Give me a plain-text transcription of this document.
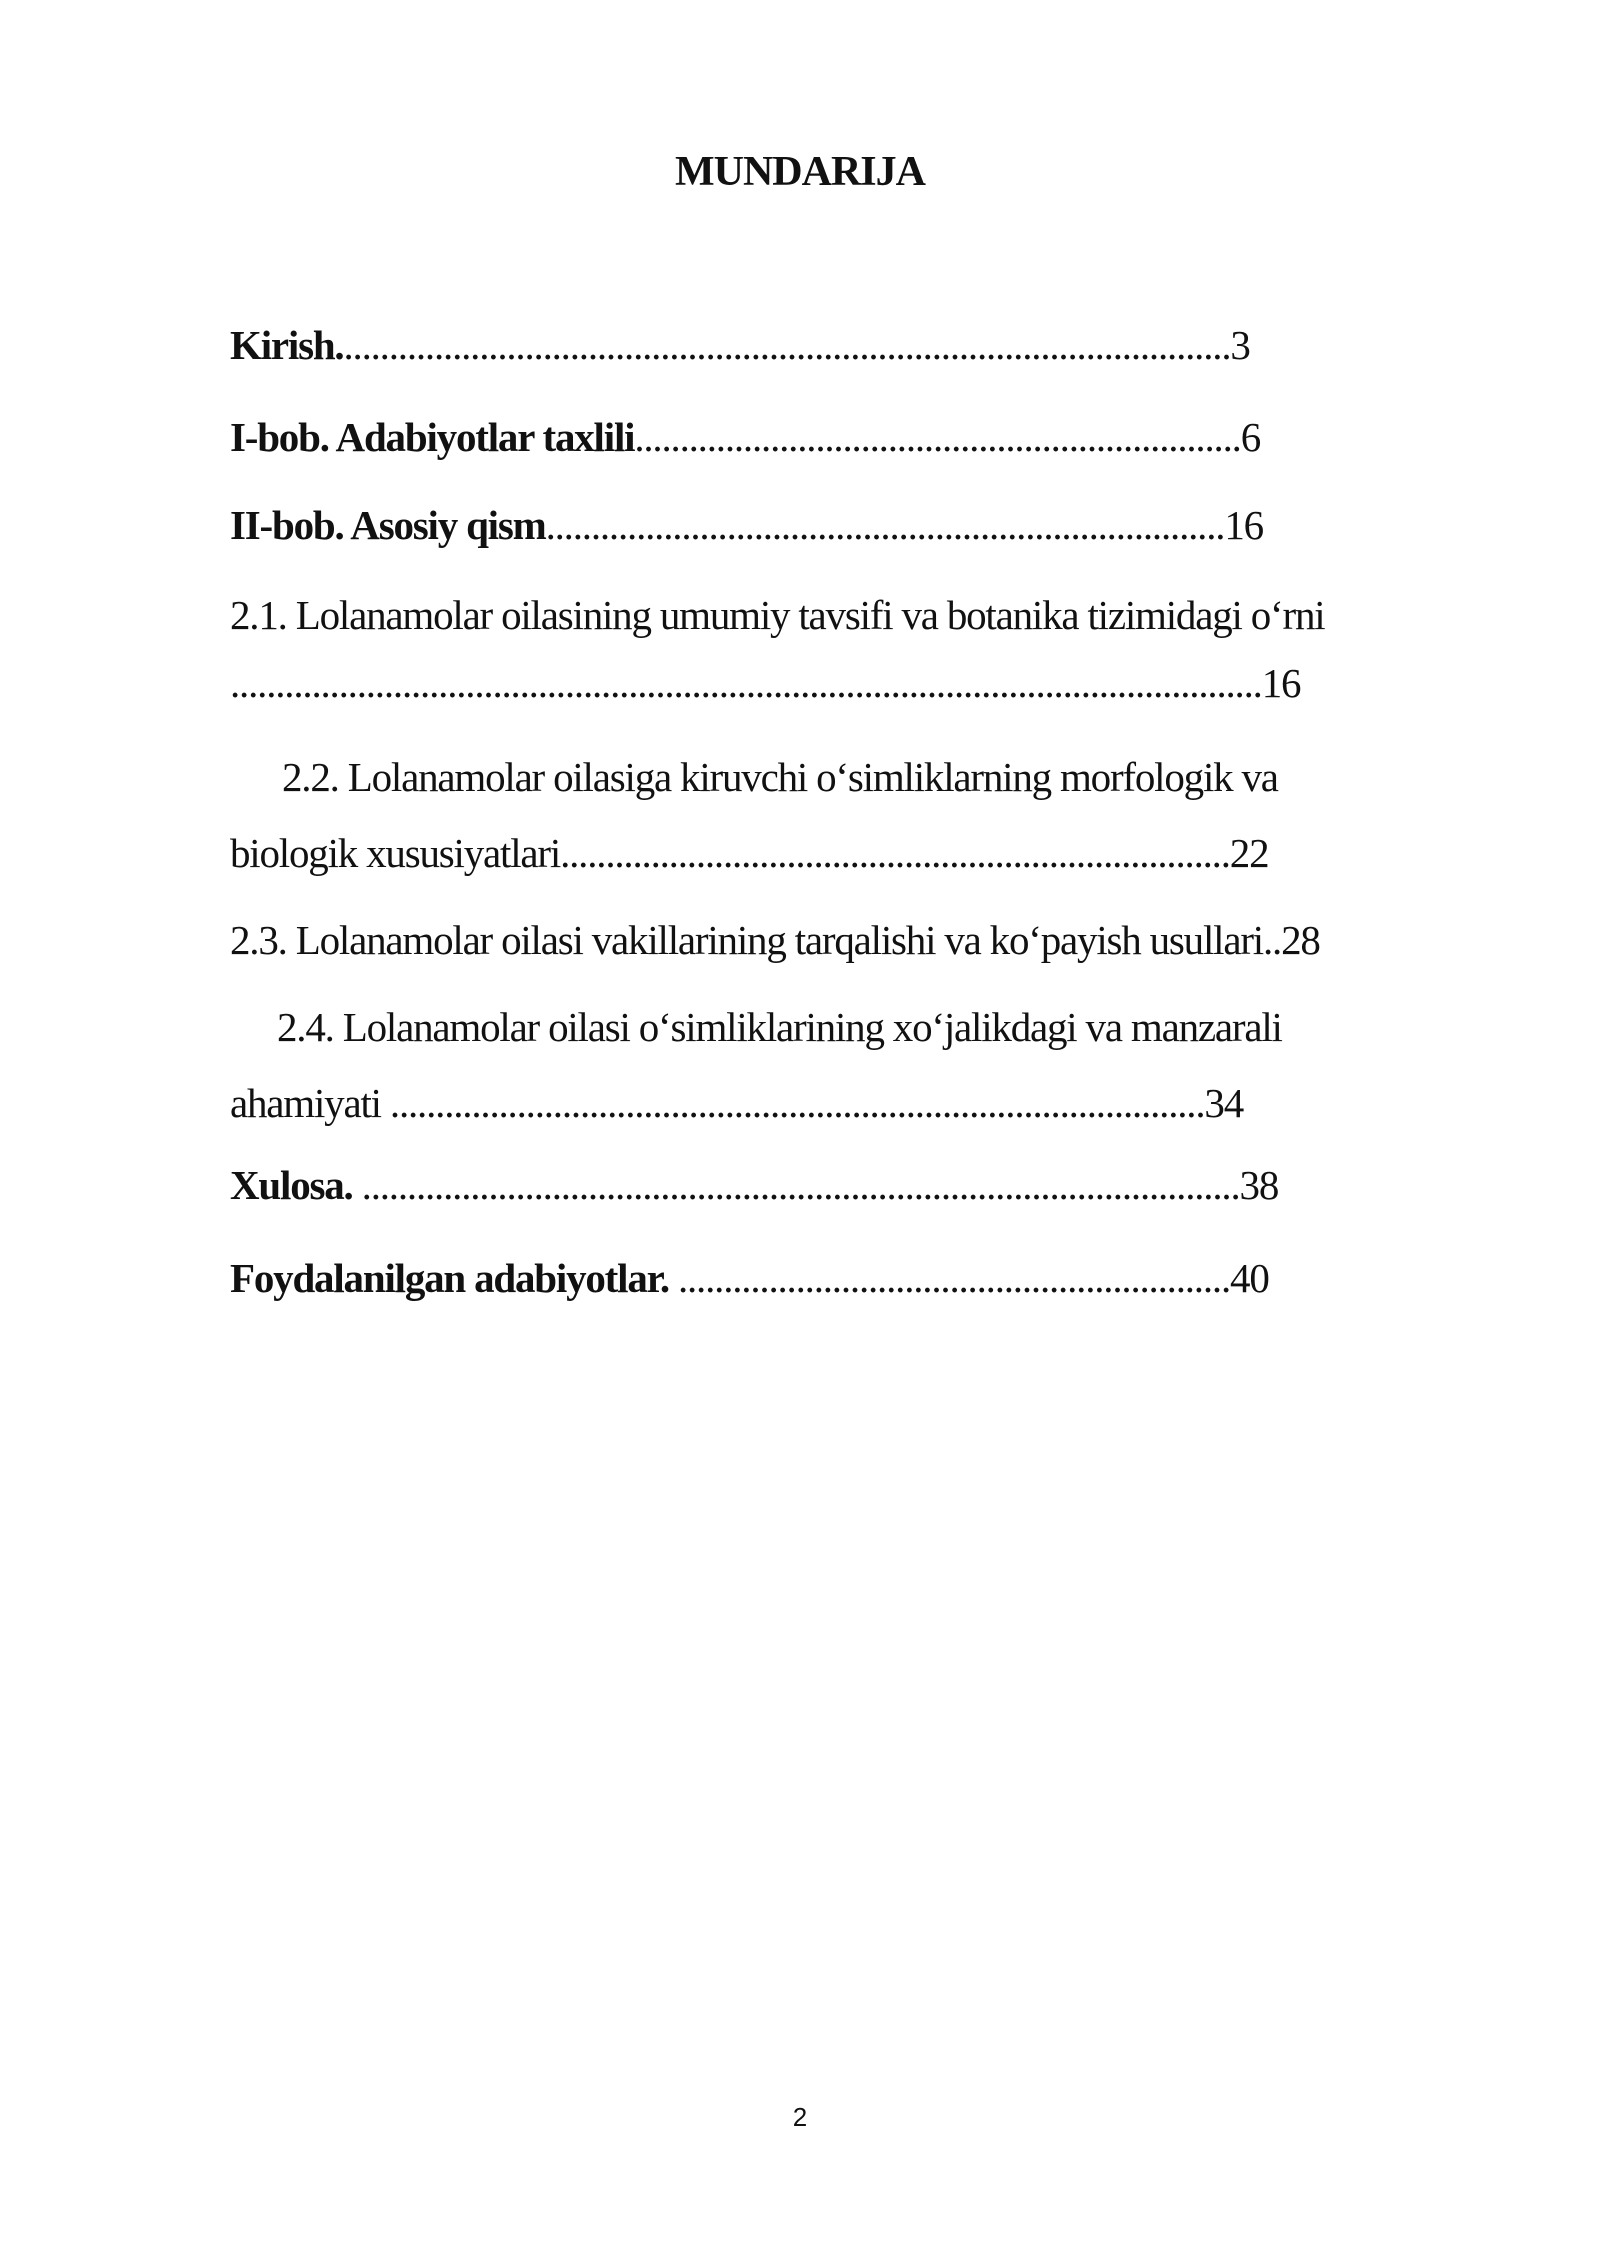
MUNDARIJA
Kirish...................................................................................................3
I-bob. Adabiyotlar taxlili...................................................................6
II-bob. Asosiy qism...........................................................................16
2.1. Lolanamolar oilasining umumiy tavsifi va botanika tizimidagi o‘rni
..................................................................................................................16
2.2. Lolanamolar oilasiga kiruvchi o‘simliklarning morfologik va
biologik xususiyatlari..........................................................................22
2.3. Lolanamolar oilasi vakillarining tarqalishi va ko‘payish usullari..28
2.4. Lolanamolar oilasi o‘simliklarining xo‘jalikdagi va manzarali
ahamiyati ..........................................................................................34
Xulosa. .................................................................................................38
Foydalanilgan adabiyotlar. .............................................................40
2
